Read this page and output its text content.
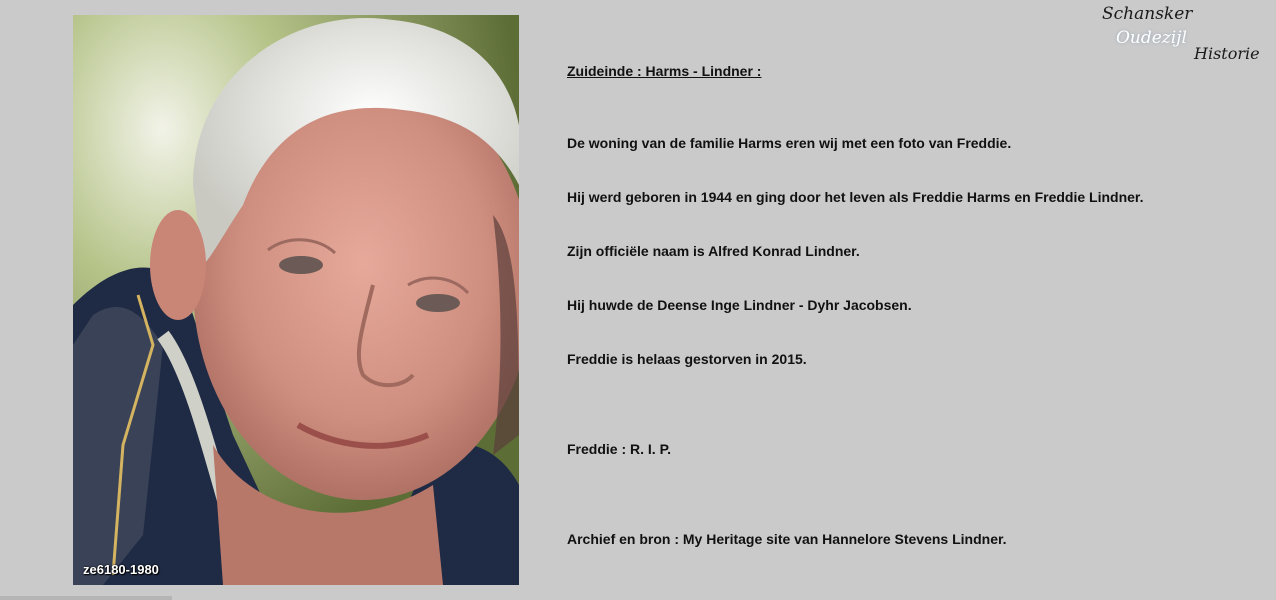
ze6180-1980
Schansker
Oudezijl
Historie
Zuideinde : Harms - Lindner :
De woning van de familie Harms eren wij met een foto van Freddie.
Hij werd geboren in 1944 en ging door het leven als Freddie Harms en Freddie Lindner.
Zijn officiële naam is Alfred Konrad Lindner.
Hij huwde de Deense Inge Lindner - Dyhr Jacobsen.
Freddie is helaas gestorven in 2015.
Freddie : R. I. P.
Archief en bron : My Heritage site van Hannelore Stevens Lindner.
